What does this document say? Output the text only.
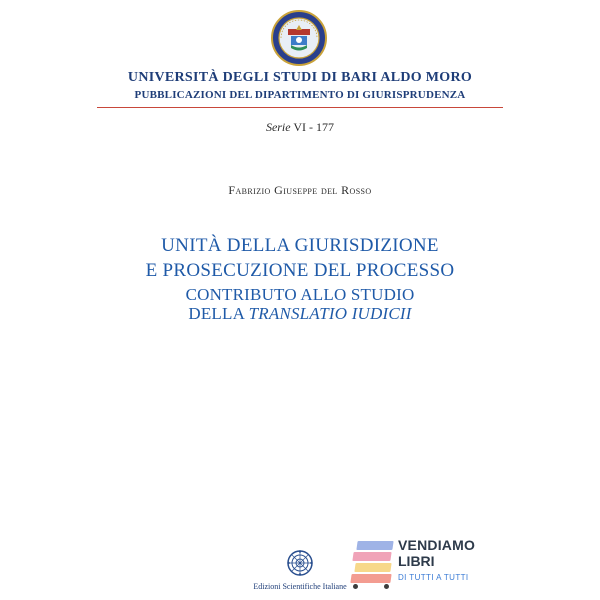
UNIVERSITÀ DEGLI STUDI DI BARI ALDO MORO
PUBBLICAZIONI DEL DIPARTIMENTO DI GIURISPRUDENZA
Serie VI - 177
Fabrizio Giuseppe del Rosso
UNITÀ DELLA GIURISDIZIONE
E PROSECUZIONE DEL PROCESSO
CONTRIBUTO ALLO STUDIO
DELLA TRANSLATIO IUDICII
Edizioni Scientifiche Italiane
VENDIAMO
LIBRI
DI TUTTI A TUTTI
